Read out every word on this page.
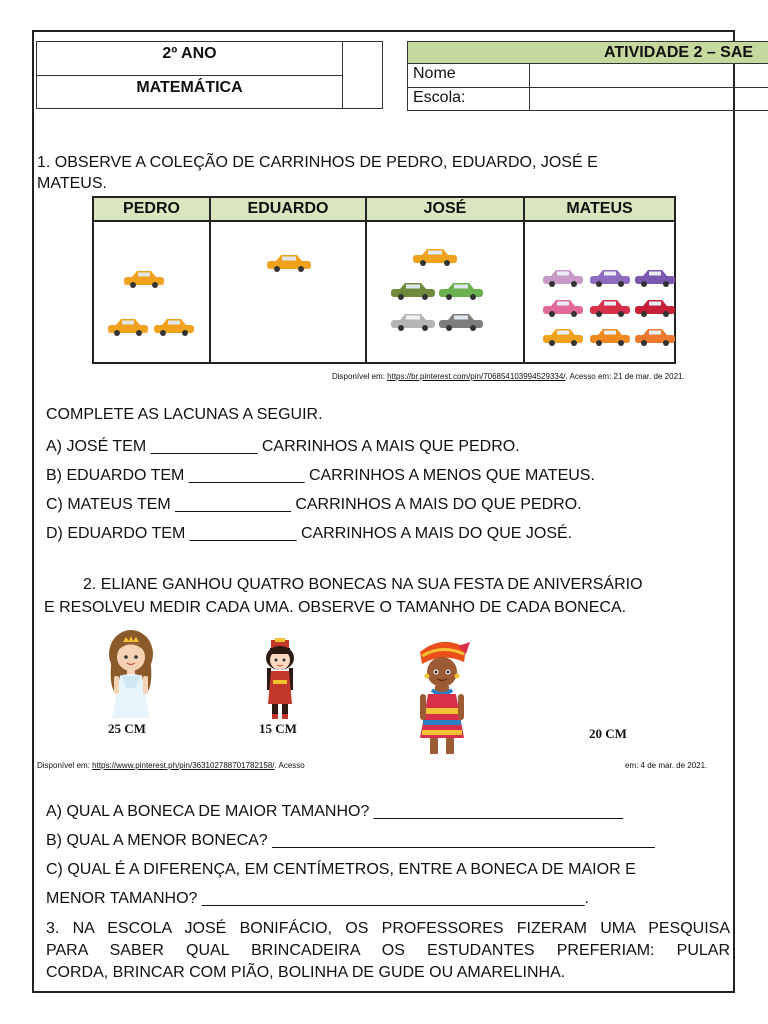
2º ANO
MATEMÁTICA
ATIVIDADE 2 – SAE
Nome
Escola:
1. OBSERVE A COLEÇÃO DE CARRINHOS DE PEDRO, EDUARDO, JOSÉ E
MATEUS.
PEDRO	EDUARDO	JOSÉ	MATEUS
Disponível em: https://br.pinterest.com/pin/706854103994529334/. Acesso em: 21 de mar. de 2021.
COMPLETE AS LACUNAS A SEGUIR.
A) JOSÉ TEM ____________ CARRINHOS A MAIS QUE PEDRO.
B) EDUARDO TEM _____________ CARRINHOS A MENOS QUE MATEUS.
C) MATEUS TEM _____________ CARRINHOS A MAIS DO QUE PEDRO.
D) EDUARDO TEM ____________ CARRINHOS A MAIS DO QUE JOSÉ.
2. ELIANE GANHOU QUATRO BONECAS NA SUA FESTA DE ANIVERSÁRIO
E RESOLVEU MEDIR CADA UMA. OBSERVE O TAMANHO DE CADA BONECA.
25 CM	15 CM	20 CM
Disponível em: https://www.pinterest.ph/pin/363102788701782158/. Acesso	em: 4 de mar. de 2021.
A) QUAL A BONECA DE MAIOR TAMANHO? ____________________________
B) QUAL A MENOR BONECA? ___________________________________________
C) QUAL É A DIFERENÇA, EM CENTÍMETROS, ENTRE A BONECA DE MAIOR E
MENOR TAMANHO? ___________________________________________.
3. NA ESCOLA JOSÉ BONIFÁCIO, OS PROFESSORES FIZERAM UMA PESQUISA
PARA SABER QUAL BRINCADEIRA OS ESTUDANTES PREFERIAM: PULAR
CORDA, BRINCAR COM PIÃO, BOLINHA DE GUDE OU AMARELINHA.
